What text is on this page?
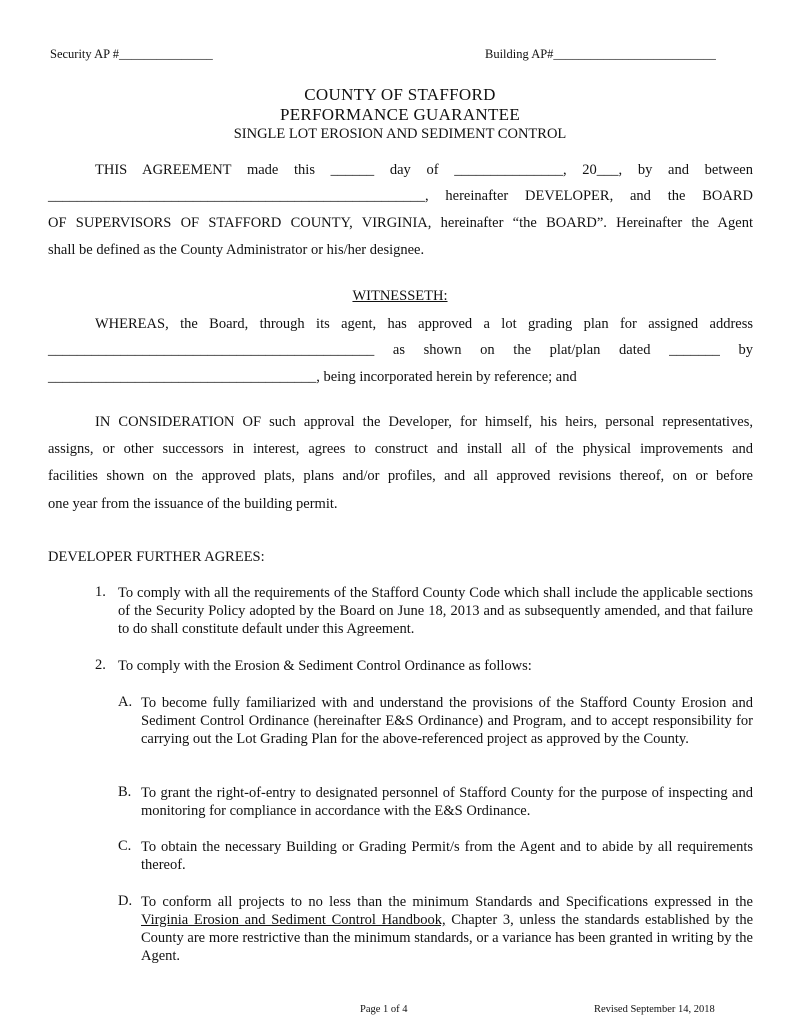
Security AP #_______________	Building AP#__________________________
COUNTY OF STAFFORD
PERFORMANCE GUARANTEE
SINGLE LOT EROSION AND SEDIMENT CONTROL
THIS AGREEMENT made this ______ day of _______________, 20___, by and between
____________________________________________________, hereinafter DEVELOPER, and the BOARD
OF SUPERVISORS OF STAFFORD COUNTY, VIRGINIA, hereinafter “the BOARD”. Hereinafter the Agent
shall be defined as the County Administrator or his/her designee.
WITNESSETH:
WHEREAS, the Board, through its agent, has approved a lot grading plan for assigned address
_____________________________________________ as shown on the plat/plan dated _______ by
_____________________________________, being incorporated herein by reference; and
IN CONSIDERATION OF such approval the Developer, for himself, his heirs, personal representatives,
assigns, or other successors in interest, agrees to construct and install all of the physical improvements and
facilities shown on the approved plats, plans and/or profiles, and all approved revisions thereof, on or before
one year from the issuance of the building permit.
DEVELOPER FURTHER AGREES:
1. To comply with all the requirements of the Stafford County Code which shall include the applicable sections of the Security Policy adopted by the Board on June 18, 2013 and as subsequently amended, and that failure to do shall constitute default under this Agreement.
2. To comply with the Erosion & Sediment Control Ordinance as follows:
A. To become fully familiarized with and understand the provisions of the Stafford County Erosion and Sediment Control Ordinance (hereinafter E&S Ordinance) and Program, and to accept responsibility for carrying out the Lot Grading Plan for the above-referenced project as approved by the County.
B. To grant the right-of-entry to designated personnel of Stafford County for the purpose of inspecting and monitoring for compliance in accordance with the E&S Ordinance.
C. To obtain the necessary Building or Grading Permit/s from the Agent and to abide by all requirements thereof.
D. To conform all projects to no less than the minimum Standards and Specifications expressed in the Virginia Erosion and Sediment Control Handbook, Chapter 3, unless the standards established by the County are more restrictive than the minimum standards, or a variance has been granted in writing by the Agent.
Page 1 of 4	Revised September 14, 2018
